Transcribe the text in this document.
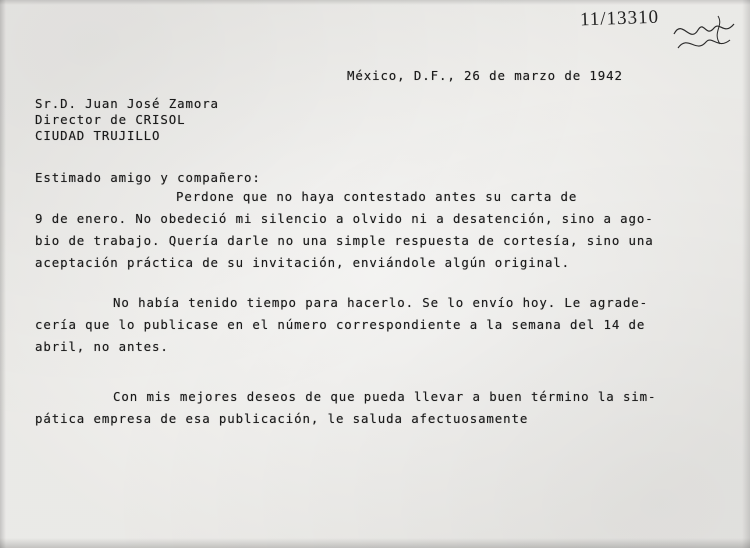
11/13310
México, D.F., 26 de marzo de 1942
Sr.D. Juan José Zamora
Director de CRISOL
CIUDAD TRUJILLO
Estimado amigo y compañero:
Perdone que no haya contestado antes su carta de
9 de enero. No obedeció mi silencio a olvido ni a desatención, sino a ago-
bio de trabajo. Quería darle no una simple respuesta de cortesía, sino una
aceptación práctica de su invitación, enviándole algún original.
No había tenido tiempo para hacerlo. Se lo envío hoy. Le agrade-
cería que lo publicase en el número correspondiente a la semana del 14 de
abril, no antes.
Con mis mejores deseos de que pueda llevar a buen término la sim-
pática empresa de esa publicación, le saluda afectuosamente
